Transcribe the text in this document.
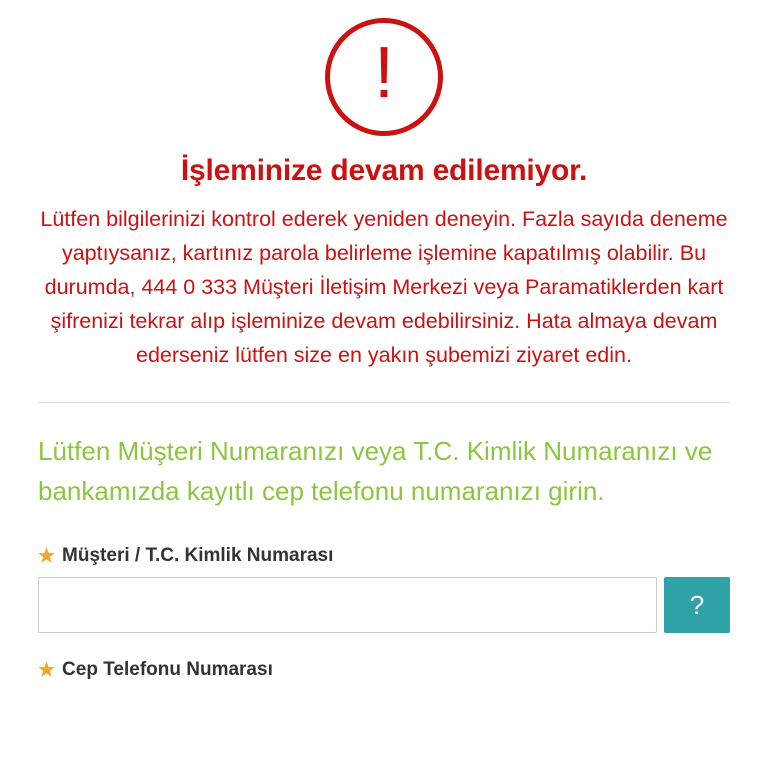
!
İşleminize devam edilemiyor.

Lütfen bilgilerinizi kontrol ederek yeniden deneyin. Fazla sayıda deneme yaptıysanız, kartınız parola belirleme işlemine kapatılmış olabilir. Bu durumda, 444 0 333 Müşteri İletişim Merkezi veya Paramatiklerden kart şifrenizi tekrar alıp işleminize devam edebilirsiniz. Hata almaya devam ederseniz lütfen size en yakın şubemizi ziyaret edin.

Lütfen Müşteri Numaranızı veya T.C. Kimlik Numaranızı ve bankamızda kayıtlı cep telefonu numaranızı girin.

★ Müşteri / T.C. Kimlik Numarası
?
★ Cep Telefonu Numarası
